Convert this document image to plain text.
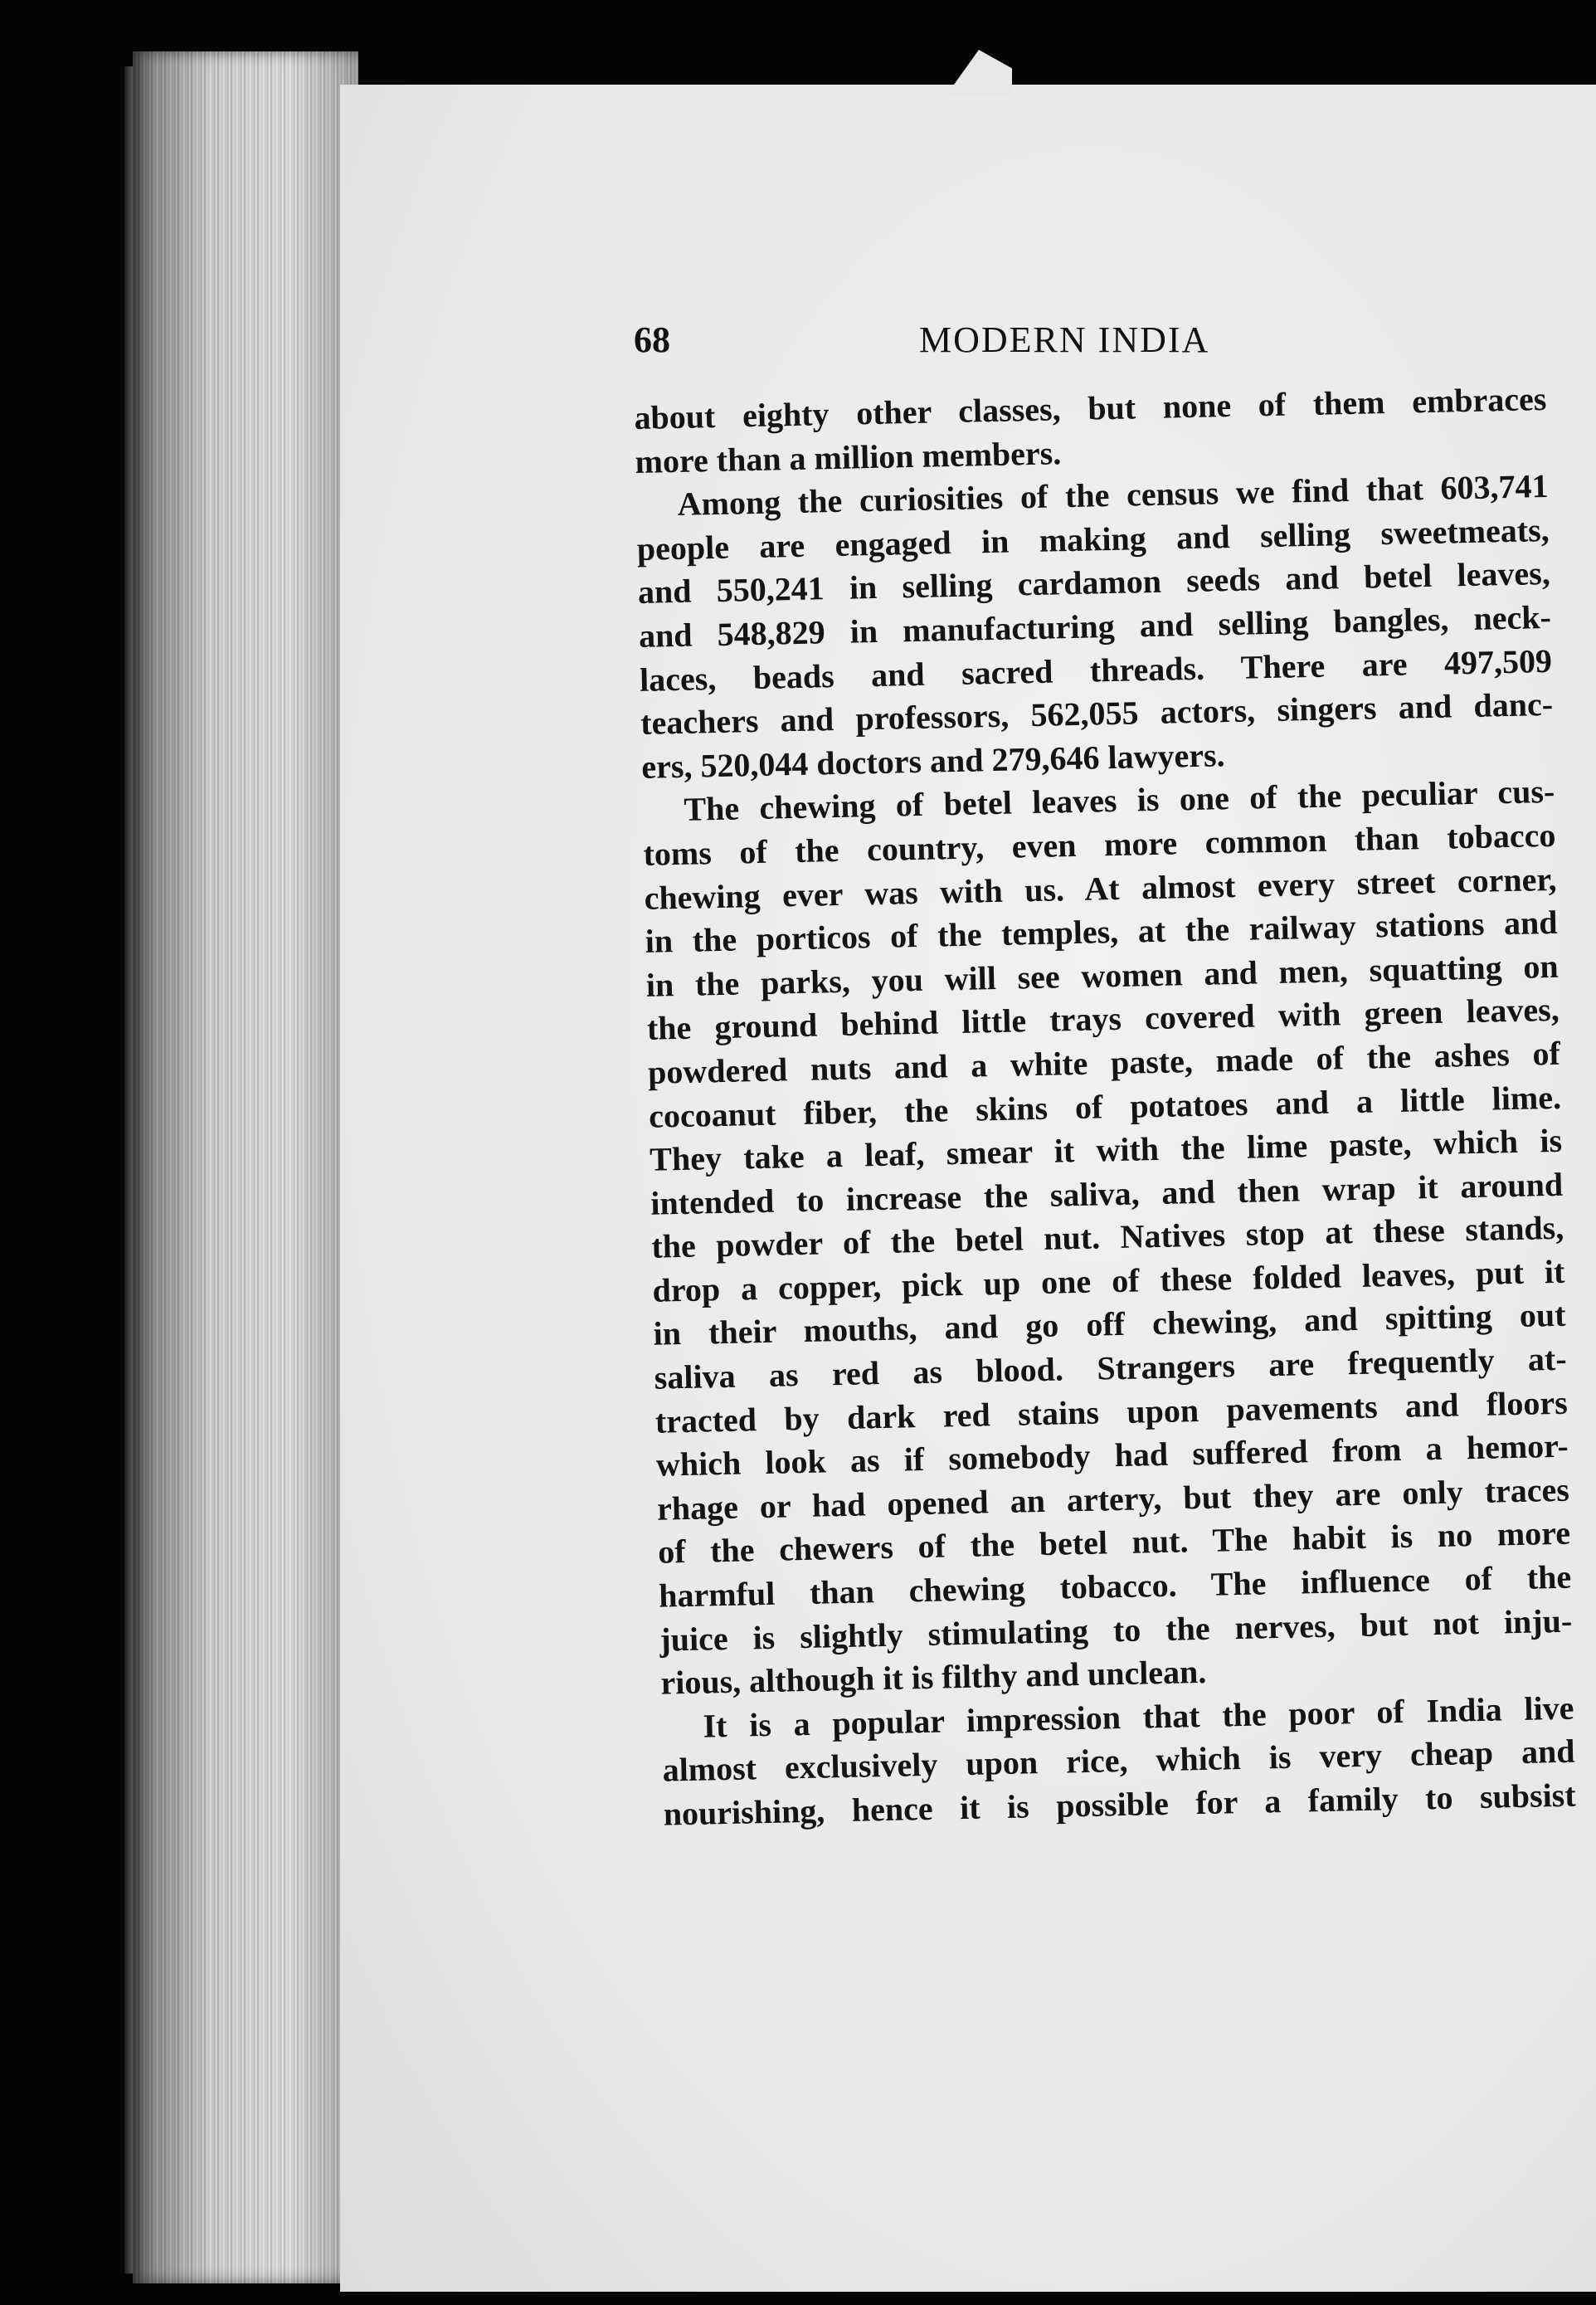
68	MODERN INDIA
about eighty other classes, but none of them embraces
more than a million members.
Among the curiosities of the census we find that 603,741
people are engaged in making and selling sweetmeats,
and 550,241 in selling cardamon seeds and betel leaves,
and 548,829 in manufacturing and selling bangles, neck-
laces, beads and sacred threads. There are 497,509
teachers and professors, 562,055 actors, singers and danc-
ers, 520,044 doctors and 279,646 lawyers.
The chewing of betel leaves is one of the peculiar cus-
toms of the country, even more common than tobacco
chewing ever was with us. At almost every street corner,
in the porticos of the temples, at the railway stations and
in the parks, you will see women and men, squatting on
the ground behind little trays covered with green leaves,
powdered nuts and a white paste, made of the ashes of
cocoanut fiber, the skins of potatoes and a little lime.
They take a leaf, smear it with the lime paste, which is
intended to increase the saliva, and then wrap it around
the powder of the betel nut. Natives stop at these stands,
drop a copper, pick up one of these folded leaves, put it
in their mouths, and go off chewing, and spitting out
saliva as red as blood. Strangers are frequently at-
tracted by dark red stains upon pavements and floors
which look as if somebody had suffered from a hemor-
rhage or had opened an artery, but they are only traces
of the chewers of the betel nut. The habit is no more
harmful than chewing tobacco. The influence of the
juice is slightly stimulating to the nerves, but not inju-
rious, although it is filthy and unclean.
It is a popular impression that the poor of India live
almost exclusively upon rice, which is very cheap and
nourishing, hence it is possible for a family to subsist
